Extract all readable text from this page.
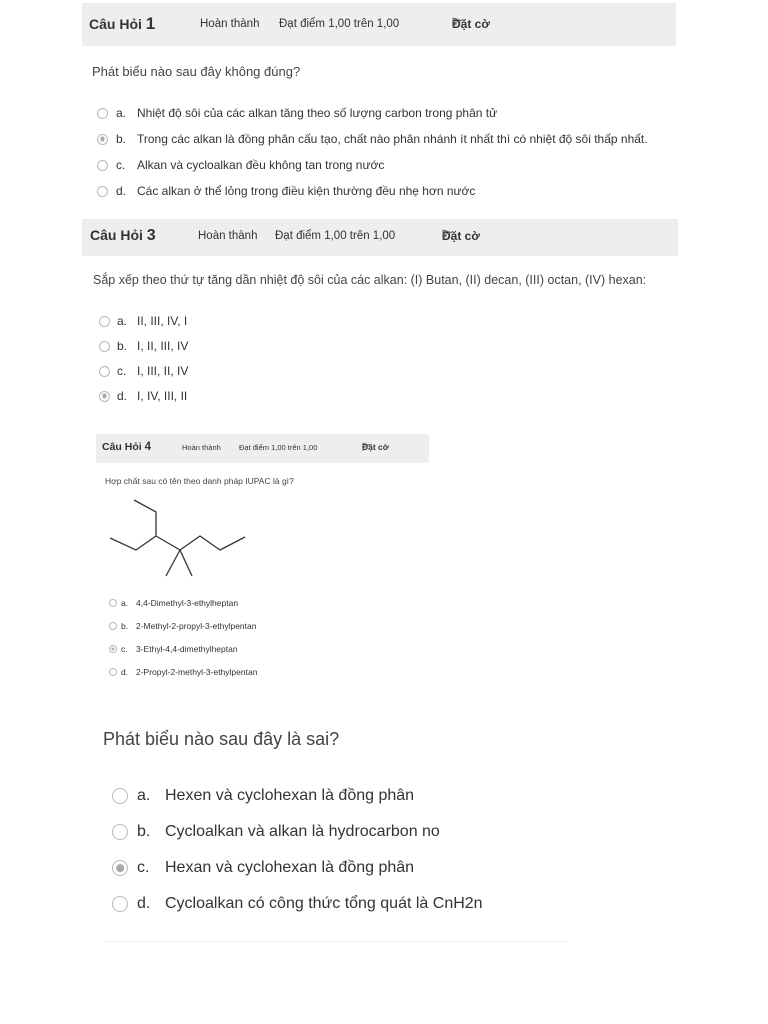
Câu Hỏi 1	Hoàn thành Đạt điểm 1,00 trên 1,00	Đặt cờ
Phát biểu nào sau đây không đúng?
a. Nhiệt độ sôi của các alkan tăng theo số lượng carbon trong phân tử
b. Trong các alkan là đồng phân cấu tạo, chất nào phân nhánh ít nhất thì có nhiệt độ sôi thấp nhất.
c. Alkan và cycloalkan đều không tan trong nước
d. Các alkan ở thể lỏng trong điều kiện thường đều nhẹ hơn nước
Câu Hỏi 3	Hoàn thành Đạt điểm 1,00 trên 1,00	Đặt cờ
Sắp xếp theo thứ tự tăng dần nhiệt độ sôi của các alkan: (I) Butan, (II) decan, (III) octan, (IV) hexan:
a. II, III, IV, I
b. I, II, III, IV
c. I, III, II, IV
d. I, IV, III, II
Câu Hỏi 4	Hoàn thành Đạt điểm 1,00 trên 1,00	Đặt cờ
Hợp chất sau có tên theo danh pháp IUPAC là gì?
a. 4,4-Dimethyl-3-ethylheptan
b. 2-Methyl-2-propyl-3-ethylpentan
c. 3-Ethyl-4,4-dimethylheptan
d. 2-Propyl-2-methyl-3-ethylpentan
Phát biểu nào sau đây là sai?
a. Hexen và cyclohexan là đồng phân
b. Cycloalkan và alkan là hydrocarbon no
c. Hexan và cyclohexan là đồng phân
d. Cycloalkan có công thức tổng quát là CnH2n
